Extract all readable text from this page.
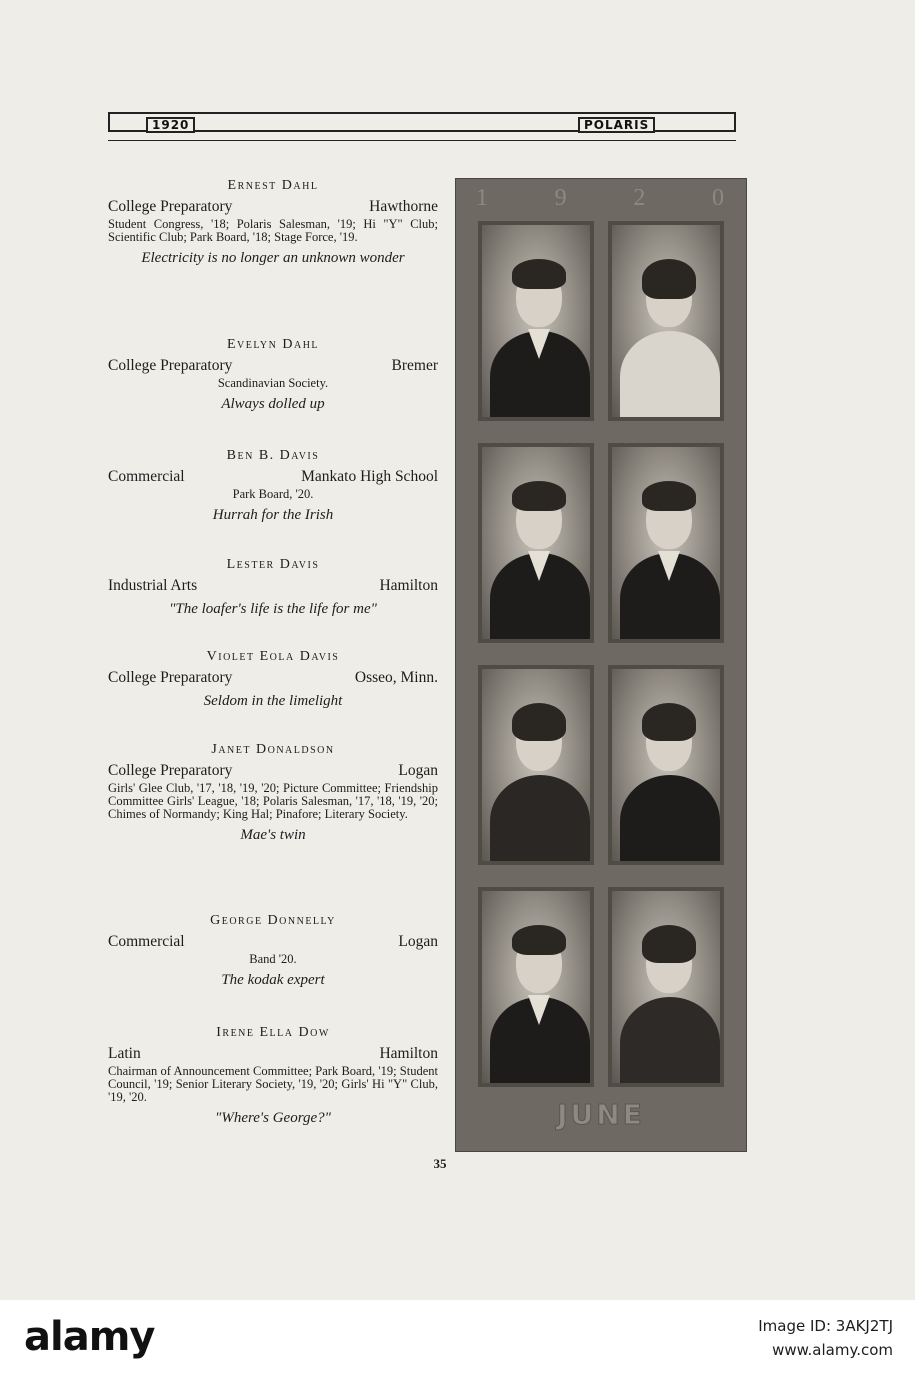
1920	POLARIS
Ernest Dahl
College Preparatory	Hawthorne
Student Congress, '18; Polaris Salesman, '19; Hi "Y" Club; Scientific Club; Park Board, '18; Stage Force, '19.
Electricity is no longer an unknown wonder
Evelyn Dahl
College Preparatory	Bremer
Scandinavian Society.
Always dolled up
Ben B. Davis
Commercial	Mankato High School
Park Board, '20.
Hurrah for the Irish
Lester Davis
Industrial Arts	Hamilton
"The loafer's life is the life for me"
Violet Eola Davis
College Preparatory	Osseo, Minn.
Seldom in the limelight
Janet Donaldson
College Preparatory	Logan
Girls' Glee Club, '17, '18, '19, '20; Picture Committee; Friendship Committee Girls' League, '18; Polaris Salesman, '17, '18, '19, '20; Chimes of Normandy; King Hal; Pinafore; Literary Society.
Mae's twin
George Donnelly
Commercial	Logan
Band '20.
The kodak expert
Irene Ella Dow
Latin	Hamilton
Chairman of Announcement Committee; Park Board, '19; Student Council, '19; Senior Literary Society, '19, '20; Girls' Hi "Y" Club, '19, '20.
"Where's George?"
1	9	2	0
JUNE
35
alamy	Image ID: 3AKJ2TJ
www.alamy.com
